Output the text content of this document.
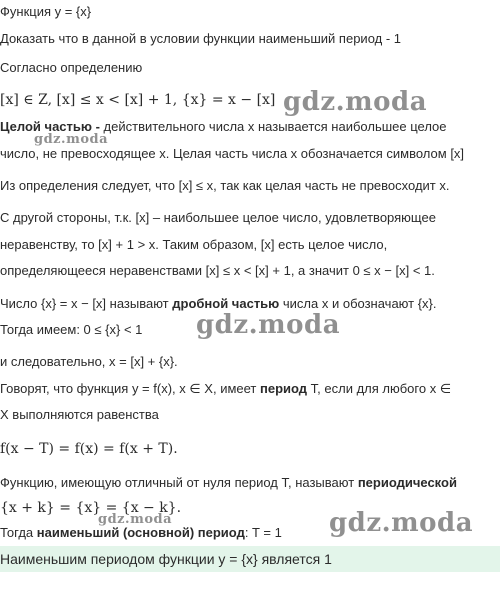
Функция y = {x}
Доказать что в данной в условии функции наименьший период - 1
Согласно определению
[x] ∈ Z, [x] ≤ x < [x] + 1, {x} = x − [x]
Целой частью - действительного числа x называется наибольшее целое
число, не превосходящее x. Целая часть числа x обозначается символом [x]
Из определения следует, что [x] ≤ x, так как целая часть не превосходит x.
С другой стороны, т.к. [x] – наибольшее целое число, удовлетворяющее
неравенству, то [x] + 1 > x. Таким образом, [x] есть целое число,
определяющееся неравенствами [x] ≤ x < [x] + 1, а значит 0 ≤ x − [x] < 1.
Число {x} = x − [x] называют дробной частью числа x и обозначают {x}.
Тогда имеем: 0 ≤ {x} < 1
и следовательно, x = [x] + {x}.
Говорят, что функция y = f(x), x ∈ X, имеет период T, если для любого x ∈
X выполняются равенства
f(x − T) = f(x) = f(x + T).
Функцию, имеющую отличный от нуля период T, называют периодической
{x + k} = {x} = {x − k}.
Тогда наименьший (основной) период: T = 1
Наименьшим периодом функции y = {x} является 1
gdz.moda
gdz.moda
gdz.moda
gdz.moda	gdz.moda
